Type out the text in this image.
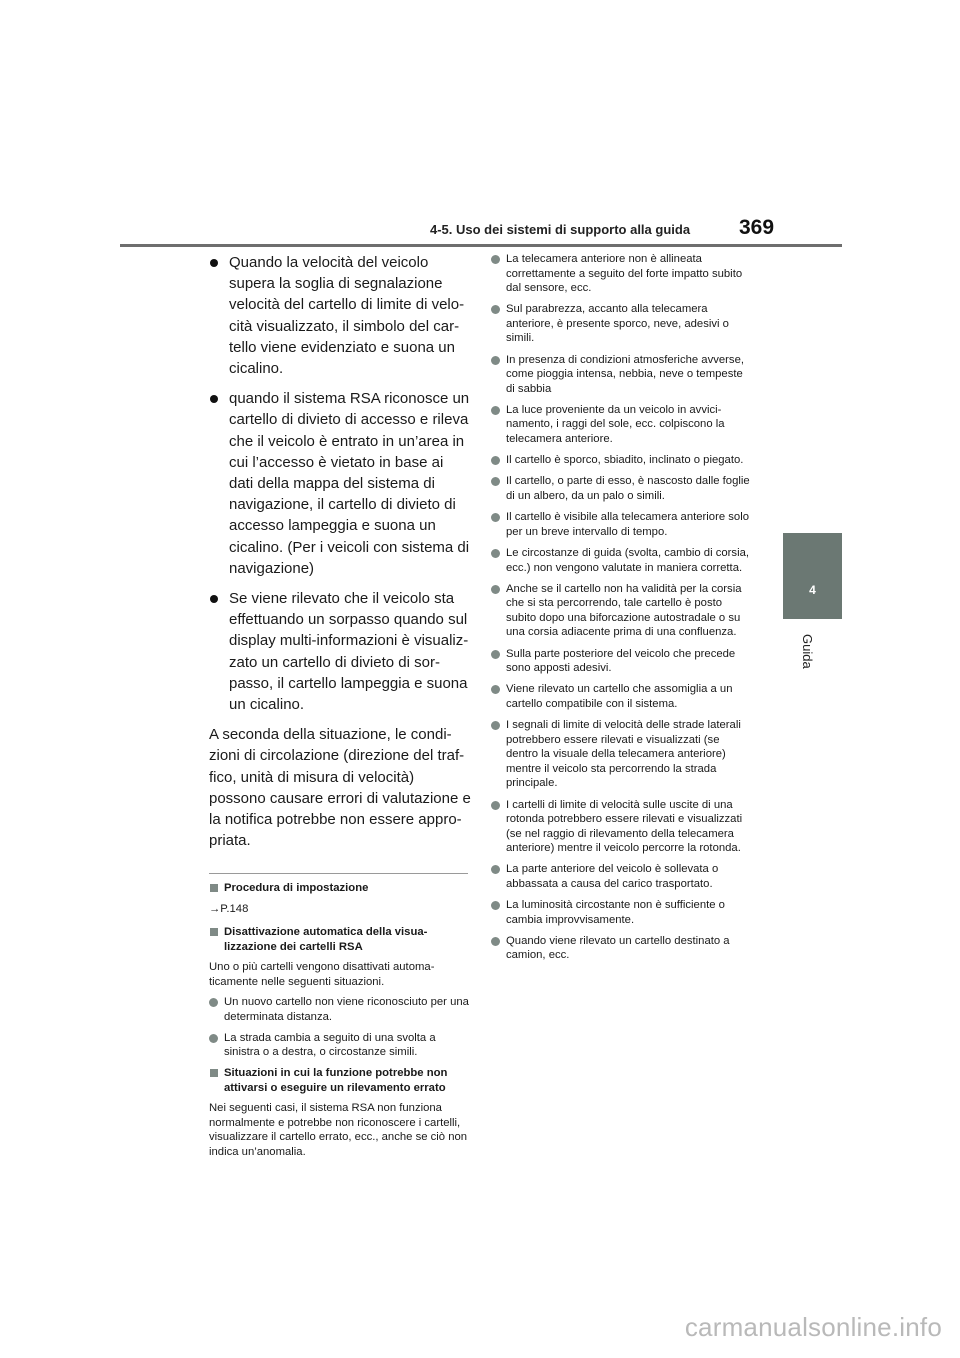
4-5. Uso dei sistemi di supporto alla guida 369
4
Guida
Quando la velocità del veicolo supera la soglia di segnalazione velocità del cartello di limite di velocità visualizzato, il simbolo del cartello viene evidenziato e suona un cicalino.
quando il sistema RSA riconosce un cartello di divieto di accesso e rileva che il veicolo è entrato in un’area in cui l’accesso è vietato in base ai dati della mappa del sistema di navigazione, il cartello di divieto di accesso lampeggia e suona un cicalino. (Per i veicoli con sistema di navigazione)
Se viene rilevato che il veicolo sta effettuando un sorpasso quando sul display multi-informazioni è visualizzato un cartello di divieto di sorpasso, il cartello lampeggia e suona un cicalino.

A seconda della situazione, le condizioni di circolazione (direzione del traffico, unità di misura di velocità) possono causare errori di valutazione e la notifica potrebbe non essere appropriata.

Procedura di impostazione
→P.148
Disattivazione automatica della visualizzazione dei cartelli RSA

Uno o più cartelli vengono disattivati automaticamente nelle seguenti situazioni.

Un nuovo cartello non viene riconosciuto per una determinata distanza.
La strada cambia a seguito di una svolta a sinistra o a destra, o circostanze simili.
Situazioni in cui la funzione potrebbe non attivarsi o eseguire un rilevamento errato

Nei seguenti casi, il sistema RSA non funziona normalmente e potrebbe non riconoscere i cartelli, visualizzare il cartello errato, ecc., anche se ciò non indica un’anomalia.

La telecamera anteriore non è allineata correttamente a seguito del forte impatto subito dal sensore, ecc.
Sul parabrezza, accanto alla telecamera anteriore, è presente sporco, neve, adesivi o simili.
In presenza di condizioni atmosferiche avverse, come pioggia intensa, nebbia, neve o tempeste di sabbia
La luce proveniente da un veicolo in avvicinamento, i raggi del sole, ecc. colpiscono la telecamera anteriore.
Il cartello è sporco, sbiadito, inclinato o piegato.
Il cartello, o parte di esso, è nascosto dalle foglie di un albero, da un palo o simili.
Il cartello è visibile alla telecamera anteriore solo per un breve intervallo di tempo.
Le circostanze di guida (svolta, cambio di corsia, ecc.) non vengono valutate in maniera corretta.
Anche se il cartello non ha validità per la corsia che si sta percorrendo, tale cartello è posto subito dopo una biforcazione autostradale o su una corsia adiacente prima di una confluenza.
Sulla parte posteriore del veicolo che precede sono apposti adesivi.
Viene rilevato un cartello che assomiglia a un cartello compatibile con il sistema.
I segnali di limite di velocità delle strade laterali potrebbero essere rilevati e visualizzati (se dentro la visuale della telecamera anteriore) mentre il veicolo sta percorrendo la strada principale.
I cartelli di limite di velocità sulle uscite di una rotonda potrebbero essere rilevati e visualizzati (se nel raggio di rilevamento della telecamera anteriore) mentre il veicolo percorre la rotonda.
La parte anteriore del veicolo è sollevata o abbassata a causa del carico trasportato.
La luminosità circostante non è sufficiente o cambia improvvisamente.
Quando viene rilevato un cartello destinato a camion, ecc.
carmanualsonline.info
